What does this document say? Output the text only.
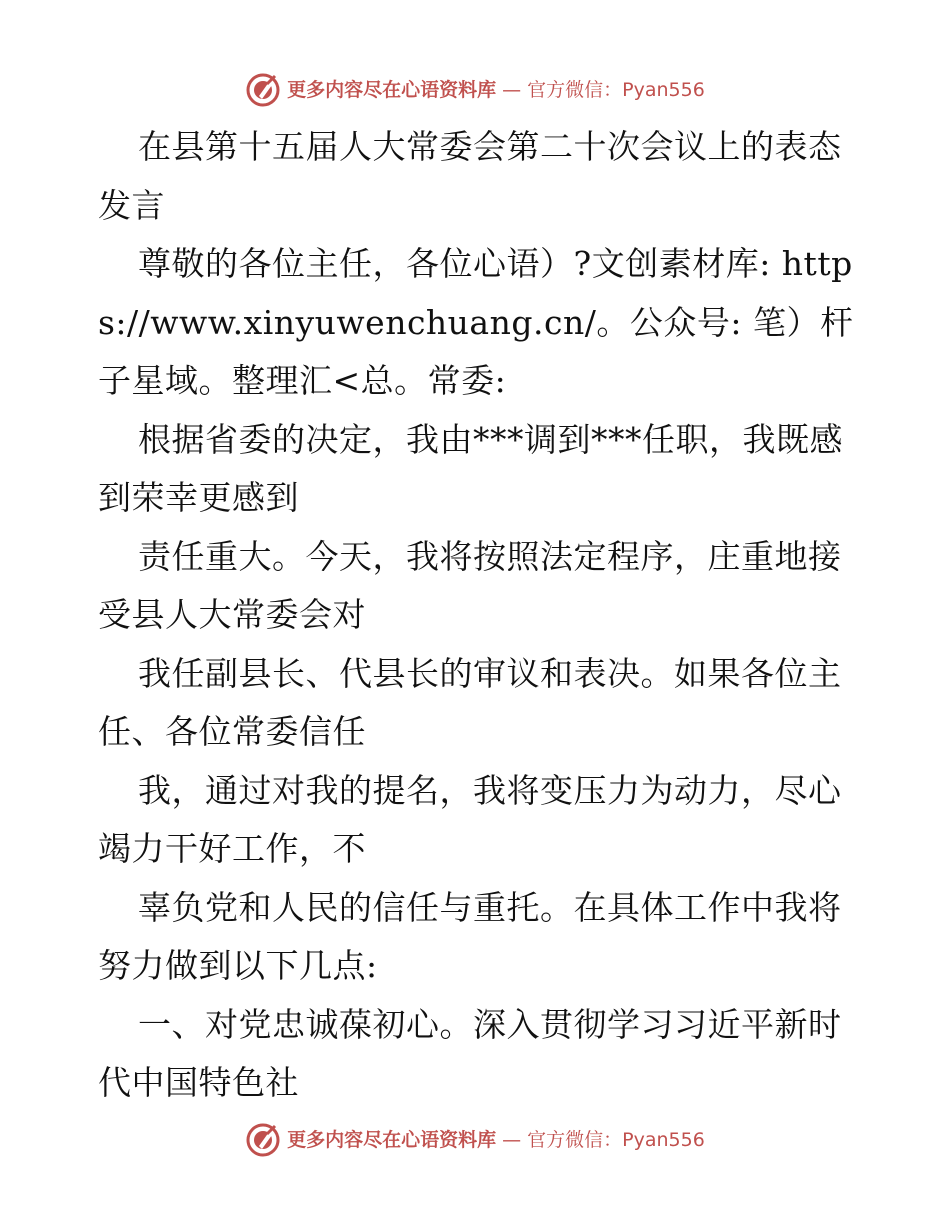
更多内容尽在心语资料库 — 官方微信：Pyan556

在县第十五届人大常委会第二十次会议上的表态发言

尊敬的各位主任，各位心语）?文创素材库: https://www.xinyuwenchuang.cn/。公众号: 笔）杆子星域。整理汇<总。常委:

根据省委的决定，我由***调到***任职，我既感到荣幸更感到

责任重大。今天，我将按照法定程序，庄重地接受县人大常委会对

我任副县长、代县长的审议和表决。如果各位主任、各位常委信任

我，通过对我的提名，我将变压力为动力，尽心竭力干好工作，不

辜负党和人民的信任与重托。在具体工作中我将努力做到以下几点:

一、对党忠诚葆初心。深入贯彻学习习近平新时代中国特色社

更多内容尽在心语资料库 — 官方微信：Pyan556
